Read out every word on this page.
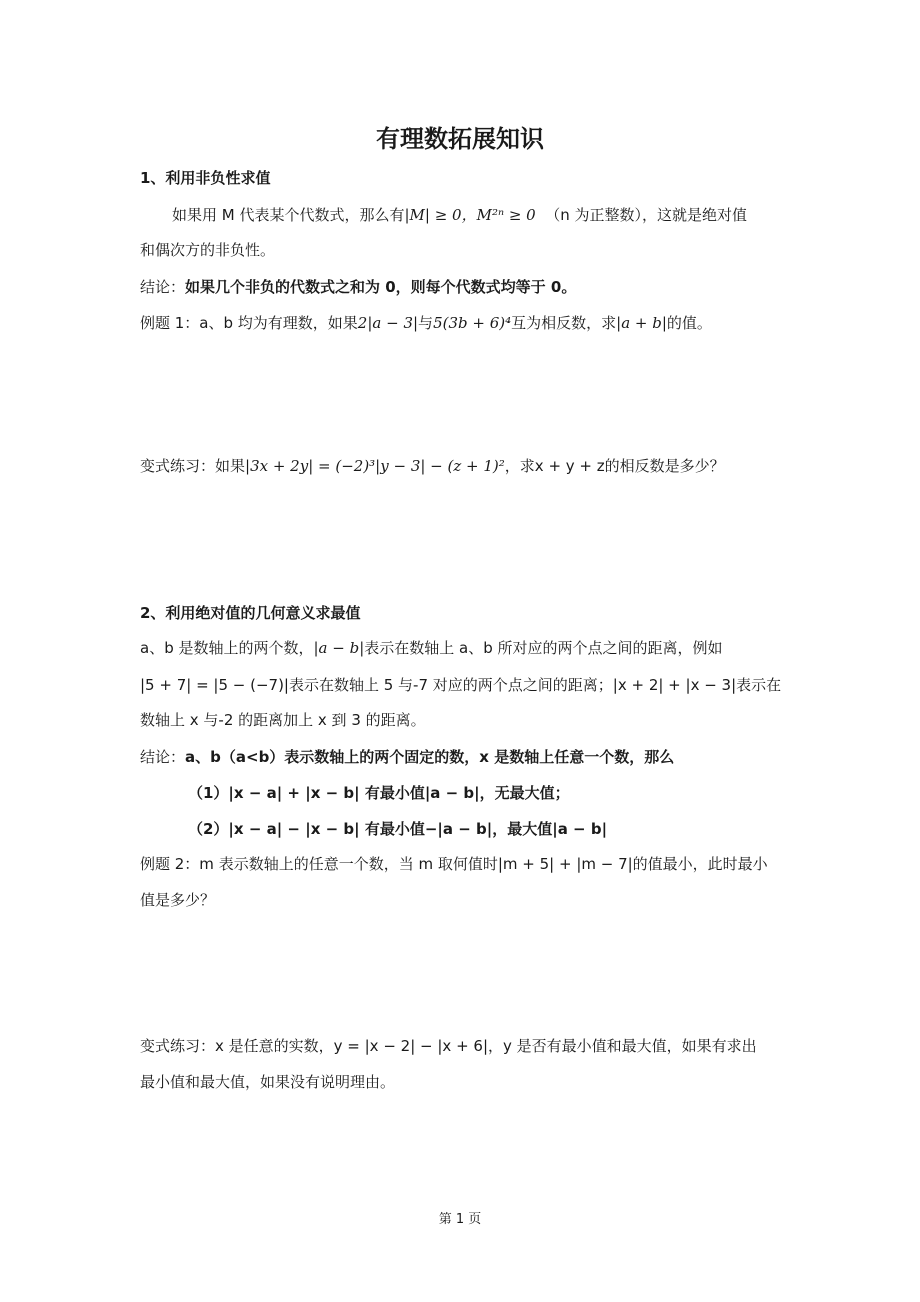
有理数拓展知识
1、利用非负性求值
如果用 M 代表某个代数式，那么有|M| ≥ 0，M²ⁿ ≥ 0 （n 为正整数），这就是绝对值
和偶次方的非负性。
结论：如果几个非负的代数式之和为 0，则每个代数式均等于 0。
例题 1：a、b 均为有理数，如果2|a − 3|与5(3b + 6)⁴互为相反数，求|a + b|的值。
变式练习：如果|3x + 2y| = (−2)³|y − 3| − (z + 1)²，求x + y + z的相反数是多少？
2、利用绝对值的几何意义求最值
a、b 是数轴上的两个数，|a − b|表示在数轴上 a、b 所对应的两个点之间的距离，例如
|5 + 7| = |5 − (−7)|表示在数轴上 5 与-7 对应的两个点之间的距离；|x + 2| + |x − 3|表示在
数轴上 x 与-2 的距离加上 x 到 3 的距离。
结论：a、b（a<b）表示数轴上的两个固定的数，x 是数轴上任意一个数，那么
（1）|x − a| + |x − b| 有最小值|a − b|，无最大值；
（2）|x − a| − |x − b| 有最小值−|a − b|，最大值|a − b|
例题 2：m 表示数轴上的任意一个数，当 m 取何值时|m + 5| + |m − 7|的值最小，此时最小
值是多少？
变式练习：x 是任意的实数，y = |x − 2| − |x + 6|，y 是否有最小值和最大值，如果有求出
最小值和最大值，如果没有说明理由。
第 1 页
